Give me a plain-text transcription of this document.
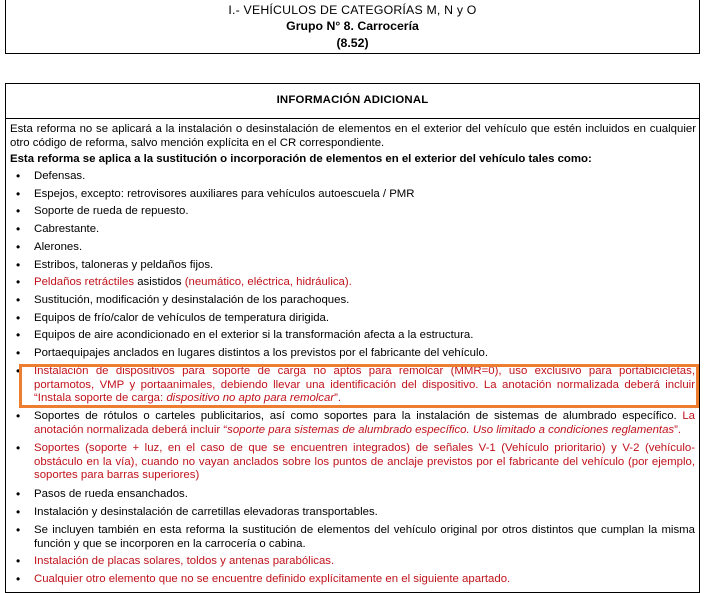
I.- VEHÍCULOS DE CATEGORÍAS M, N y O
Grupo N° 8. Carrocería
(8.52)
INFORMACIÓN ADICIONAL
Esta reforma no se aplicará a la instalación o desinstalación de elementos en el exterior del vehículo que estén incluidos en cualquier otro código de reforma, salvo mención explícita en el CR correspondiente.
Esta reforma se aplica a la sustitución o incorporación de elementos en el exterior del vehículo tales como:
• Defensas.
• Espejos, excepto: retrovisores auxiliares para vehículos autoescuela / PMR
• Soporte de rueda de repuesto.
• Cabrestante.
• Alerones.
• Estribos, taloneras y peldaños fijos.
• Peldaños retráctiles asistidos (neumático, eléctrica, hidráulica).
• Sustitución, modificación y desinstalación de los parachoques.
• Equipos de frío/calor de vehículos de temperatura dirigida.
• Equipos de aire acondicionado en el exterior si la transformación afecta a la estructura.
• Portaequipajes anclados en lugares distintos a los previstos por el fabricante del vehículo.
• Instalación de dispositivos para soporte de carga no aptos para remolcar (MMR=0), uso exclusivo para portabicicletas, portamotos, VMP y portaanimales, debiendo llevar una identificación del dispositivo. La anotación normalizada deberá incluir “Instala soporte de carga: dispositivo no apto para remolcar”.
• Soportes de rótulos o carteles publicitarios, así como soportes para la instalación de sistemas de alumbrado específico. La anotación normalizada deberá incluir “soporte para sistemas de alumbrado específico. Uso limitado a condiciones reglamentas”.
• Soportes (soporte + luz, en el caso de que se encuentren integrados) de señales V-1 (Vehículo prioritario) y V-2 (vehículo-obstáculo en la vía), cuando no vayan anclados sobre los puntos de anclaje previstos por el fabricante del vehículo (por ejemplo, soportes para barras superiores)
• Pasos de rueda ensanchados.
• Instalación y desinstalación de carretillas elevadoras transportables.
• Se incluyen también en esta reforma la sustitución de elementos del vehículo original por otros distintos que cumplan la misma función y que se incorporen en la carrocería o cabina.
• Instalación de placas solares, toldos y antenas parabólicas.
• Cualquier otro elemento que no se encuentre definido explícitamente en el siguiente apartado.
